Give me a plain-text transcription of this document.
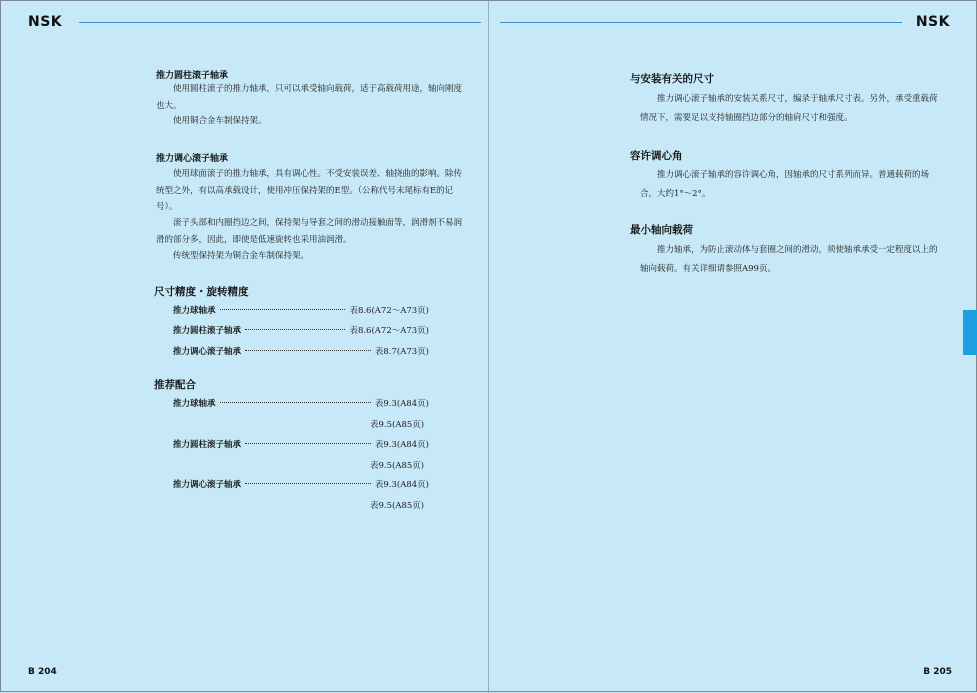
NSK
推力圆柱滚子轴承
使用圆柱滚子的推力轴承，只可以承受轴向载荷，适于高载荷用途，轴向刚度也大。
使用铜合金车制保持架。
推力调心滚子轴承
使用球面滚子的推力轴承，具有调心性。不受安装误差、轴挠曲的影响。除传统型之外，有以高承载设计，使用冲压保持架的E型。（公称代号末尾标有E的记号）。
滚子头部和内圈挡边之间，保持架与导套之间的滑动接触面等，润滑剂不易润滑的部分多，因此，即使是低速旋转也采用油润滑。
传统型保持架为铜合金车制保持架。
尺寸精度・旋转精度
推力球轴承	表8.6(A72～A73页)
推力圆柱滚子轴承	表8.6(A72～A73页)
推力调心滚子轴承	表8.7(A73页)
推荐配合
推力球轴承	表9.3(A84页)
表9.5(A85页)
推力圆柱滚子轴承	表9.3(A84页)
表9.5(A85页)
推力调心滚子轴承	表9.3(A84页)
表9.5(A85页)
B 204
NSK
与安装有关的尺寸
推力调心滚子轴承的安装关系尺寸，编录于轴承尺寸表。另外，承受重载荷情况下，需要足以支持轴圈挡边部分的轴肩尺寸和强度。
容许调心角
推力调心滚子轴承的容许调心角，因轴承的尺寸系列而异。普通载荷的场合，大约1°～2°。
最小轴向载荷
推力轴承，为防止滚动体与套圈之间的滑动，须使轴承承受一定程度以上的轴向载荷。有关详细请参照A99页。
B 205
